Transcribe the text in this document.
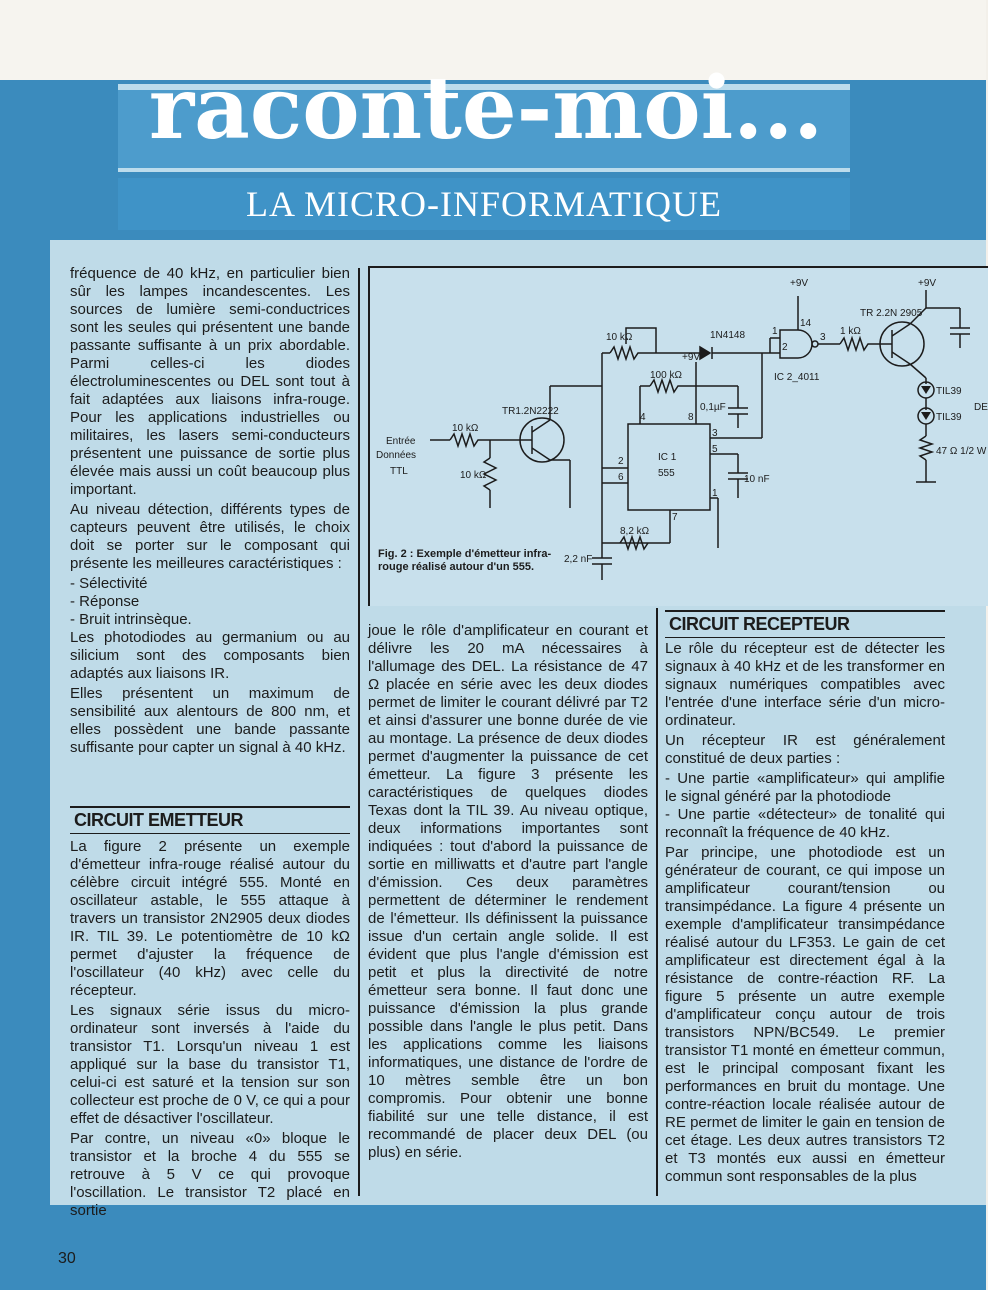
raconte-moi...
LA MICRO-INFORMATIQUE

fréquence de 40 kHz, en particulier bien sûr les lampes incandescentes. Les sources de lumière semi-conductrices sont les seules qui présentent une bande passante suffisante à un prix abordable. Parmi celles-ci les diodes électroluminescentes ou DEL sont tout à fait adaptées aux liaisons infra-rouge. Pour les applications industrielles ou militaires, les lasers semi-conducteurs présentent une puissance de sortie plus élevée mais aussi un coût beaucoup plus important.

Au niveau détection, différents types de capteurs peuvent être utilisés, le choix doit se porter sur le composant qui présente les meilleures caractéristiques :

- Sélectivité

- Réponse

- Bruit intrinsèque.

Les photodiodes au germanium ou au silicium sont des composants bien adaptés aux liaisons IR.

Elles présentent un maximum de sensibilité aux alentours de 800 nm, et elles possèdent une bande passante suffisante pour capter un signal à 40 kHz.

CIRCUIT EMETTEUR

La figure 2 présente un exemple d'émetteur infra-rouge réalisé autour du célèbre circuit intégré 555. Monté en oscillateur astable, le 555 attaque à travers un transistor 2N2905 deux diodes IR. TIL 39. Le potentiomètre de 10 kΩ permet d'ajuster la fréquence de l'oscillateur (40 kHz) avec celle du récepteur.

Les signaux série issus du micro-ordinateur sont inversés à l'aide du transistor T1. Lorsqu'un niveau 1 est appliqué sur la base du transistor T1, celui-ci est saturé et la tension sur son collecteur est proche de 0 V, ce qui a pour effet de désactiver l'oscillateur.

Par contre, un niveau «0» bloque le transistor et la broche 4 du 555 se retrouve à 5 V ce qui provoque l'oscillation. Le transistor T2 placé en sortie

Entrée
Données
TTL
10 kΩ
10 kΩ
TR1.2N2222
10 kΩ
100 kΩ
1N4148
+9V
+9V	+9V
0,1µF
IC 1
555
8,2 kΩ
2,2 nF
10 nF
IC 2_4011
1 kΩ
TR 2.2N 2905
TIL39
TIL39
47 Ω 1/2 W
DE
4	8
2
6
3
5
1
7
1
2
3
14
Fig. 2 : Exemple d'émetteur infra-rouge réalisé autour d'un 555.

joue le rôle d'amplificateur en courant et délivre les 20 mA nécessaires à l'allumage des DEL. La résistance de 47 Ω placée en série avec les deux diodes permet de limiter le courant délivré par T2 et ainsi d'assurer une bonne durée de vie au montage. La présence de deux diodes permet d'augmenter la puissance de cet émetteur. La figure 3 présente les caractéristiques de quelques diodes Texas dont la TIL 39. Au niveau optique, deux informations importantes sont indiquées : tout d'abord la puissance de sortie en milliwatts et d'autre part l'angle d'émission. Ces deux paramètres permettent de déterminer le rendement de l'émetteur. Ils définissent la puissance issue d'un certain angle solide. Il est évident que plus l'angle d'émission est petit et plus la directivité de notre émetteur sera bonne. Il faut donc une puissance d'émission la plus grande possible dans l'angle le plus petit. Dans les applications comme les liaisons informatiques, une distance de l'ordre de 10 mètres semble être un bon compromis. Pour obtenir une bonne fiabilité sur une telle distance, il est recommandé de placer deux DEL (ou plus) en série.

CIRCUIT RECEPTEUR

Le rôle du récepteur est de détecter les signaux à 40 kHz et de les transformer en signaux numériques compatibles avec l'entrée d'une interface série d'un micro-ordinateur.

Un récepteur IR est généralement constitué de deux parties :

- Une partie «amplificateur» qui amplifie le signal généré par la photodiode

- Une partie «détecteur» de tonalité qui reconnaît la fréquence de 40 kHz.

Par principe, une photodiode est un générateur de courant, ce qui impose un amplificateur courant/tension ou transimpédance. La figure 4 présente un exemple d'amplificateur transimpédance réalisé autour du LF353. Le gain de cet amplificateur est directement égal à la résistance de contre-réaction RF. La figure 5 présente un autre exemple d'amplificateur conçu autour de trois transistors NPN/BC549. Le premier transistor T1 monté en émetteur commun, est le principal composant fixant les performances en bruit du montage. Une contre-réaction locale réalisée autour de RE permet de limiter le gain en tension de cet étage. Les deux autres transistors T2 et T3 montés eux aussi en émetteur commun sont responsables de la plus

30
